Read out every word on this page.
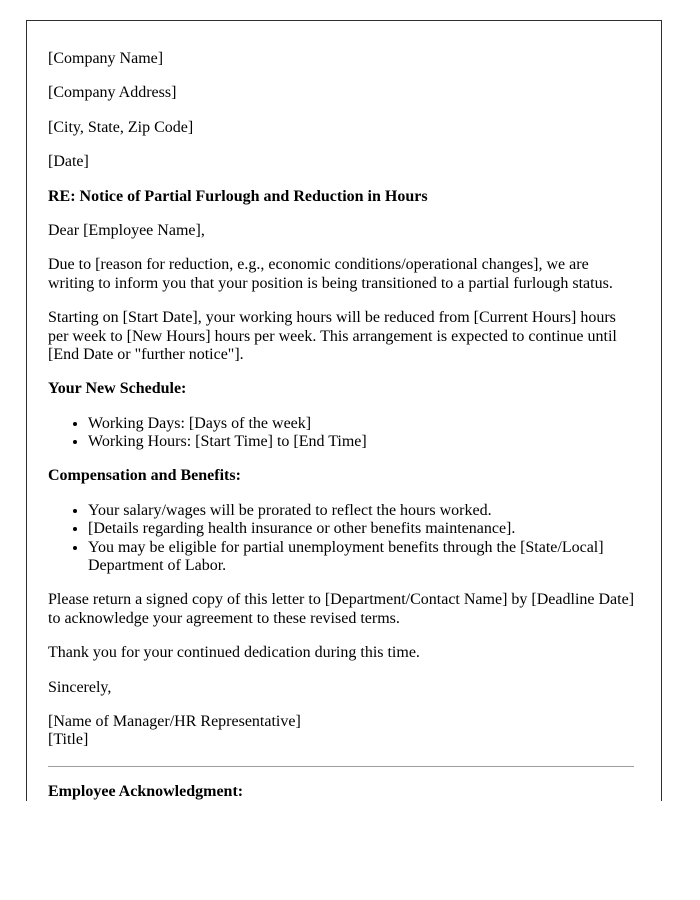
[Company Name]

[Company Address]

[City, State, Zip Code]

[Date]

RE: Notice of Partial Furlough and Reduction in Hours

Dear [Employee Name],

Due to [reason for reduction, e.g., economic conditions/operational changes], we are writing to inform you that your position is being transitioned to a partial furlough status.

Starting on [Start Date], your working hours will be reduced from [Current Hours] hours per week to [New Hours] hours per week. This arrangement is expected to continue until [End Date or "further notice"].

Your New Schedule:

• Working Days: [Days of the week]
• Working Hours: [Start Time] to [End Time]

Compensation and Benefits:

• Your salary/wages will be prorated to reflect the hours worked.
• [Details regarding health insurance or other benefits maintenance].
• You may be eligible for partial unemployment benefits through the [State/Local] Department of Labor.

Please return a signed copy of this letter to [Department/Contact Name] by [Deadline Date] to acknowledge your agreement to these revised terms.

Thank you for your continued dedication during this time.

Sincerely,

[Name of Manager/HR Representative]
[Title]

Employee Acknowledgment:
